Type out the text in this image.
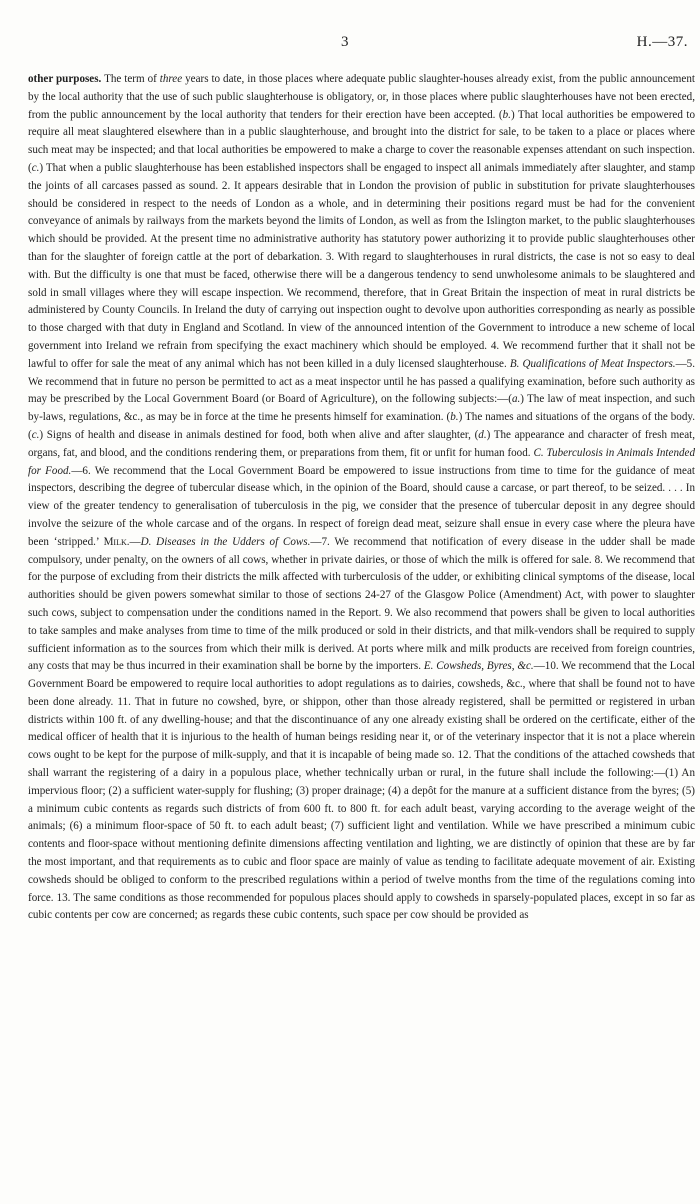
3	H.—37.

other purposes. The term of three years to date, in those places where adequate public slaughter-houses already exist, from the public announcement by the local authority that the use of such public slaughterhouse is obligatory, or, in those places where public slaughterhouses have not been erected, from the public announcement by the local authority that tenders for their erection have been accepted. (b.) That local authorities be empowered to require all meat slaughtered elsewhere than in a public slaughterhouse, and brought into the district for sale, to be taken to a place or places where such meat may be inspected; and that local authorities be empowered to make a charge to cover the reasonable expenses attendant on such inspection. (c.) That when a public slaughterhouse has been established inspectors shall be engaged to inspect all animals immediately after slaughter, and stamp the joints of all carcases passed as sound. 2. It appears desirable that in London the provision of public in substitution for private slaughterhouses should be considered in respect to the needs of London as a whole, and in determining their positions regard must be had for the convenient conveyance of animals by railways from the markets beyond the limits of London, as well as from the Islington market, to the public slaughterhouses which should be provided. At the present time no administrative authority has statutory power authorizing it to provide public slaughterhouses other than for the slaughter of foreign cattle at the port of debarkation. 3. With regard to slaughterhouses in rural districts, the case is not so easy to deal with. But the difficulty is one that must be faced, otherwise there will be a dangerous tendency to send unwholesome animals to be slaughtered and sold in small villages where they will escape inspection. We recommend, therefore, that in Great Britain the inspection of meat in rural districts be administered by County Councils. In Ireland the duty of carrying out inspection ought to devolve upon authorities corresponding as nearly as possible to those charged with that duty in England and Scotland. In view of the announced intention of the Government to introduce a new scheme of local government into Ireland we refrain from specifying the exact machinery which should be employed. 4. We recommend further that it shall not be lawful to offer for sale the meat of any animal which has not been killed in a duly licensed slaughterhouse. B. Qualifications of Meat Inspectors.—5. We recommend that in future no person be permitted to act as a meat inspector until he has passed a qualifying examination, before such authority as may be prescribed by the Local Government Board (or Board of Agriculture), on the following subjects:—(a.) The law of meat inspection, and such by-laws, regulations, &c., as may be in force at the time he presents himself for examination. (b.) The names and situations of the organs of the body. (c.) Signs of health and disease in animals destined for food, both when alive and after slaughter, (d.) The appearance and character of fresh meat, organs, fat, and blood, and the conditions rendering them, or preparations from them, fit or unfit for human food. C. Tuberculosis in Animals Intended for Food.—6. We recommend that the Local Government Board be empowered to issue instructions from time to time for the guidance of meat inspectors, describing the degree of tubercular disease which, in the opinion of the Board, should cause a carcase, or part thereof, to be seized. . . . In view of the greater tendency to generalisation of tuberculosis in the pig, we consider that the presence of tubercular deposit in any degree should involve the seizure of the whole carcase and of the organs. In respect of foreign dead meat, seizure shall ensue in every case where the pleura have been ‘stripped.’ Milk.—D. Diseases in the Udders of Cows.—7. We recommend that notification of every disease in the udder shall be made compulsory, under penalty, on the owners of all cows, whether in private dairies, or those of which the milk is offered for sale. 8. We recommend that for the purpose of excluding from their districts the milk affected with turberculosis of the udder, or exhibiting clinical symptoms of the disease, local authorities should be given powers somewhat similar to those of sections 24-27 of the Glasgow Police (Amendment) Act, with power to slaughter such cows, subject to compensation under the conditions named in the Report. 9. We also recommend that powers shall be given to local authorities to take samples and make analyses from time to time of the milk produced or sold in their districts, and that milk-vendors shall be required to supply sufficient information as to the sources from which their milk is derived. At ports where milk and milk products are received from foreign countries, any costs that may be thus incurred in their examination shall be borne by the importers. E. Cowsheds, Byres, &c.—10. We recommend that the Local Government Board be empowered to require local authorities to adopt regulations as to dairies, cowsheds, &c., where that shall be found not to have been done already. 11. That in future no cowshed, byre, or shippon, other than those already registered, shall be permitted or registered in urban districts within 100 ft. of any dwelling-house; and that the discontinuance of any one already existing shall be ordered on the certificate, either of the medical officer of health that it is injurious to the health of human beings residing near it, or of the veterinary inspector that it is not a place wherein cows ought to be kept for the purpose of milk-supply, and that it is incapable of being made so. 12. That the conditions of the attached cowsheds that shall warrant the registering of a dairy in a populous place, whether technically urban or rural, in the future shall include the following:—(1) An impervious floor; (2) a sufficient water-supply for flushing; (3) proper drainage; (4) a depôt for the manure at a sufficient distance from the byres; (5) a minimum cubic contents as regards such districts of from 600 ft. to 800 ft. for each adult beast, varying according to the average weight of the animals; (6) a minimum floor-space of 50 ft. to each adult beast; (7) sufficient light and ventilation. While we have prescribed a minimum cubic contents and floor-space without mentioning definite dimensions affecting ventilation and lighting, we are distinctly of opinion that these are by far the most important, and that requirements as to cubic and floor space are mainly of value as tending to facilitate adequate movement of air. Existing cowsheds should be obliged to conform to the prescribed regulations within a period of twelve months from the time of the regulations coming into force. 13. The same conditions as those recommended for populous places should apply to cowsheds in sparsely-populated places, except in so far as cubic contents per cow are concerned; as regards these cubic contents, such space per cow should be provided as
